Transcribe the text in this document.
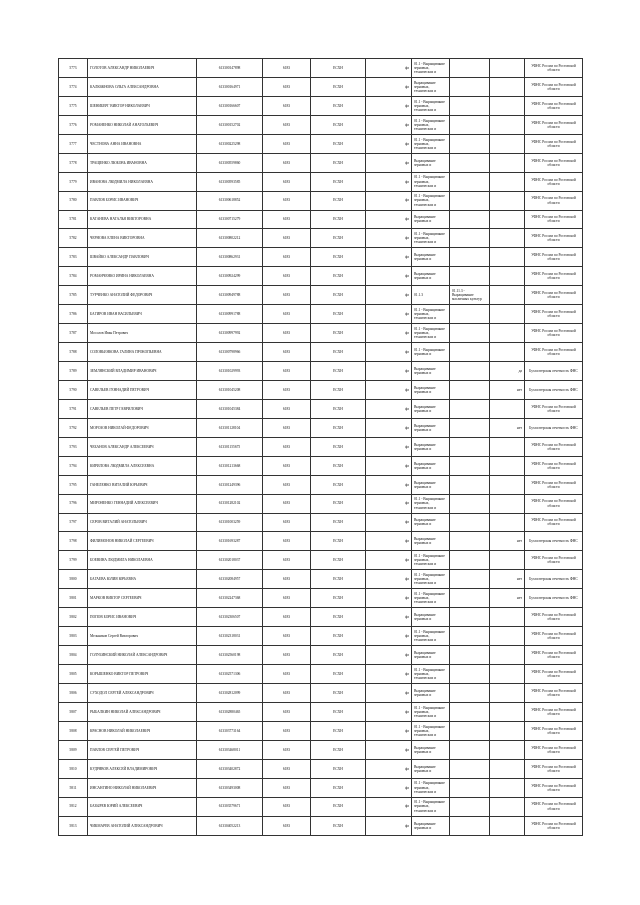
5773	ГОЛОТОВ АЛЕКСАНДР НИКОЛАЕВИЧ	613300147898	6183	ЕСХН	фл	01.1 - Выращивание зерновых, технических и			УФНС России по Ростовской области
5774	КАЛЮЖНОВА ОЛЬГА АЛЕКСАНДРОВНА	613300164971	6183	ЕСХН	фл	Выращивание зерновых, технических и			УФНС России по Ростовской области
5775	ШЕНИБЕРГ ВИКТОР НИКОЛАЕВИЧ	613300166607	6183	ЕСХН	фл	01.1 - Выращивание зерновых, технических и			УФНС России по Ростовской области
5776	РОМАНЕНКО НИКОЛАЙ АНАТОЛЬЕВИЧ	613300152702	6183	ЕСХН	фл	01.1 - Выращивание зерновых, технических и			УФНС России по Ростовской области
5777	ЧЕСТНОВА АННА ИВАНОВНА	613300225298	6183	ЕСХН	фл	01.1 - Выращивание зерновых, технических и			УФНС России по Ростовской области
5778	ТРАЩЕНКО ЛЮБОВЬ ИВАНОВНА	613300559860	6183	ЕСХН	фл	Выращивание зерновых и			УФНС России по Ростовской области
5779	ИВАНОВА ЛЮДМИЛА НИКОЛАЕВНА	613300593585	6183	ЕСХН	фл	01.1 - Выращивание зерновых, технических и			УФНС России по Ростовской области
5780	ПАВЛОВ БОРИС ИВАНОВИЧ	613300618852	6183	ЕСХН	фл	01.1 - Выращивание зерновых, технических и			УФНС России по Ростовской области
5781	КАТАНЕВА НАТАЛЬЯ ВИКТОРОВНА	613300715279	6183	ЕСХН	фл	Выращивание зерновых и			УФНС России по Ростовской области
5782	ЧЕРНОВА ЕЛЕНА ВИКТОРОВНА	613300802212	6183	ЕСХН	фл	01.1 - Выращивание зерновых, технических и			УФНС России по Ростовской области
5783	ШВАЙКО АЛЕКСАНДР ПАВЛОВИЧ	613300862931	6183	ЕСХН	фл	Выращивание зерновых и			УФНС России по Ростовской области
5784	РОМАНЧЕНКО ИРИНА НИКОЛАЕВНА	613300924299	6183	ЕСХН	фл	Выращивание зерновых и			УФНС России по Ростовской области
5785	ТУРЧЕНКО АНАТОЛИЙ ФЕДОРОВИЧ	613300949788	6183	ЕСХН	фл	01.1.3	01.11.3 - Выращивание масличных культур		УФНС России по Ростовской области
5786	БАГИРОВ ИВАН ВАСИЛЬЕВИЧ	613300991788	6183	ЕСХН	фл	01.1 - Выращивание зерновых, технических и			УФНС России по Ростовской области
5787	Мосолов Иван Петрович	613300997992	6183	ЕСХН	фл	01.1 - Выращивание зерновых, технических и			УФНС России по Ростовской области
5788	СОЛОВЬЕНКОВА ГАЛИНА ПРОКОПЬЕВНА	613300798966	6183	ЕСХН	фл	01.1 - Выращивание зерновых и			УФНС России по Ростовской области
5789	ЗЕМЛЯНСКИЙ ВЛАДИМИР ИВАНОВИЧ	613301029993	6183	ЕСХН	фл	Выращивание зерновых и		да	Бухгалтерская отчетность ФНС
5790	САВЕЛЬЕВ ГЕННАДИЙ ПЕТРОВИЧ	613301045208	6183	ЕСХН	фл	Выращивание зерновых и		нет	Бухгалтерская отчетность ФНС
5791	САВЕЛЬЕВ ПЕТР ГАВРИЛОВИЧ	613301045384	6183	ЕСХН	фл	Выращивание зерновых и			УФНС России по Ростовской области
5792	МОРОЗОВ НИКОЛАЙ ФЕДОРОВИЧ	613301128104	6183	ЕСХН	фл	Выращивание зерновых и		нет	Бухгалтерская отчетность ФНС
5793	ЧЕБАНОВ АЛЕКСАНДР АЛЕКСЕЕВИЧ	613301155675	6183	ЕСХН	фл	Выращивание зерновых и			УФНС России по Ростовской области
5794	КИРИЛОВА ЛЮДМИЛА АЛЕКСЕЕВНА	613301213668	6183	ЕСХН	фл	Выращивание зерновых и			УФНС России по Ростовской области
5795	ГАНЕЛЕНКО ВИТАЛИЙ ЮРЬЕВИЧ	613301249396	6183	ЕСХН	фл	Выращивание зерновых и			УФНС России по Ростовской области
5796	МИРОНЕНКО ГЕННАДИЙ АЛЕКСЕЕВИЧ	613301282102	6183	ЕСХН	фл	01.1 - Выращивание зерновых, технических и			УФНС России по Ростовской области
5797	СЕРОВ ВИТАЛИЙ АНАТОЛЬЕВИЧ	613301003259	6183	ЕСХН	фл	Выращивание зерновых и			УФНС России по Ростовской области
5798	ФИЛИМОНОВ НИКОЛАЙ СЕРГЕЕВИЧ	613301693287	6183	ЕСХН	фл	Выращивание зерновых и		нет	Бухгалтерская отчетность ФНС
5799	БОЕВИНА ЛЮДМИЛА НИКОЛАЕВНА	613302018037	6183	ЕСХН	фл	01.1 - Выращивание зерновых, технических и			УФНС России по Ростовской области
5800	БАГАЕВА ЮЛИЯ ЮРЬЕВНА	613302084957	6183	ЕСХН	фл	01.1 - Выращивание зерновых, технических и		нет	Бухгалтерская отчетность ФНС
5801	МАРКОВ ВИКТОР СЕРГЕЕВИЧ	613302247368	6183	ЕСХН	фл	01.1 - Выращивание зерновых, технических и		нет	Бухгалтерская отчетность ФНС
5802	ПОПОВ БОРИС ИВАНОВИЧ	613302306507	6183	ЕСХН	фл	Выращивание зерновых и			УФНС России по Ростовской области
5803	Мельников Сергей Викторович	613302318031	6183	ЕСХН	фл	01.1 - Выращивание зерновых, технических и			УФНС России по Ростовской области
5804	ГОЛУБИНСКИЙ НИКОЛАЙ АЛЕКСАНДРОВИЧ	613302560198	6183	ЕСХН	фл	Выращивание зерновых и			УФНС России по Ростовской области
5805	КОРЫШЕНКО ВИКТОР ПЕТРОВИЧ	613302571306	6183	ЕСХН	фл	01.1 - Выращивание зерновых, технических и			УФНС России по Ростовской области
5806	СУХОДОЛ СЕРГЕЙ АЛЕКСАНДРОВИЧ	613302812099	6183	ЕСХН	фл	Выращивание зерновых и			УФНС России по Ростовской области
5807	РЫБАЛКИН НИКОЛАЙ АЛЕКСАНДРОВИЧ	613302880465	6183	ЕСХН	фл	01.1 - Выращивание зерновых, технических и			УФНС России по Ростовской области
5808	КРАСНОВ НИКОЛАЙ НИКОЛАЕВИЧ	613303773164	6183	ЕСХН	фл	01.1 - Выращивание зерновых, технических и			УФНС России по Ростовской области
5809	ПАВЛОВ СЕРГЕЙ ПЕТРОВИЧ	613303468011	6183	ЕСХН	фл	Выращивание зерновых и			УФНС России по Ростовской области
5810	КУДРЯВОВ АЛЕКСЕЙ ВЛАДИМИРОВИЧ	613303402872	6183	ЕСХН	фл	Выращивание зерновых и			УФНС России по Ростовской области
5811	ИНСАНГИНО НИКОЛАЙ НИКОЛАЕВИЧ	613303493008	6183	ЕСХН	фл	01.1 - Выращивание зерновых, технических и			УФНС России по Ростовской области
5812	БАЗЫРЕВ ЮРИЙ АЛЕКСЕЕВИЧ	613303579671	6183	ЕСХН	фл	01.1 - Выращивание зерновых, технических и			УФНС России по Ростовской области
5813	ЧИКМАРЕВ АНАТОЛИЙ АЛЕКСАНДРОВИЧ	613304052213	6183	ЕСХН	фл	Выращивание зерновых и			УФНС России по Ростовской области
